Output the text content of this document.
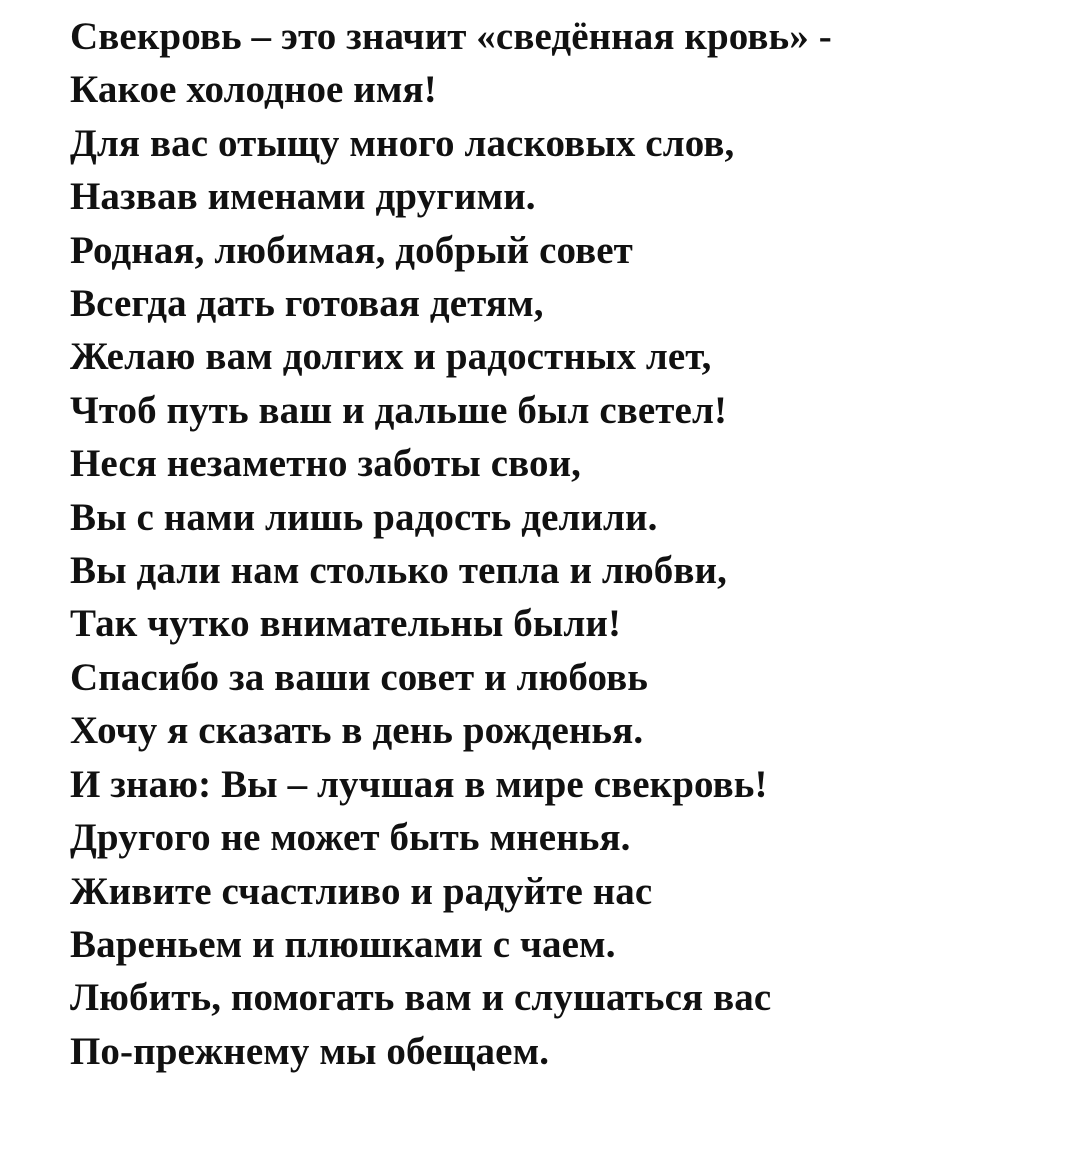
Свекровь – это значит «сведённая кровь» -
Какое холодное имя!
Для вас отыщу много ласковых слов,
Назвав именами другими.
Родная, любимая, добрый совет
Всегда дать готовая детям,
Желаю вам долгих и радостных лет,
Чтоб путь ваш и дальше был светел!
Неся незаметно заботы свои,
Вы с нами лишь радость делили.
Вы дали нам столько тепла и любви,
Так чутко внимательны были!
Спасибо за ваши совет и любовь
Хочу я сказать в день рожденья.
И знаю: Вы – лучшая в мире свекровь!
Другого не может быть мненья.
Живите счастливо и радуйте нас
Вареньем и плюшками с чаем.
Любить, помогать вам и слушаться вас
По-прежнему мы обещаем.
